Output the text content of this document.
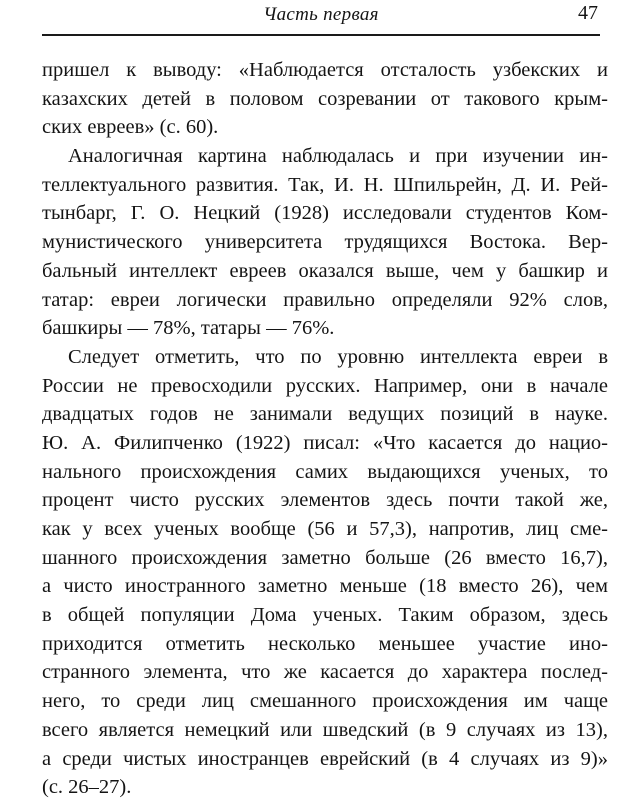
Часть первая	47
пришел к выводу: «Наблюдается отсталость узбекских и
казахских детей в половом созревании от такового крым-
ских евреев» (с. 60).
Аналогичная картина наблюдалась и при изучении ин-
теллектуального развития. Так, И. Н. Шпильрейн, Д. И. Рей-
тынбарг, Г. О. Нецкий (1928) исследовали студентов Ком-
мунистического университета трудящихся Востока. Вер-
бальный интеллект евреев оказался выше, чем у башкир и
татар: евреи логически правильно определяли 92% слов,
башкиры — 78%, татары — 76%.
Следует отметить, что по уровню интеллекта евреи в
России не превосходили русских. Например, они в начале
двадцатых годов не занимали ведущих позиций в науке.
Ю. А. Филипченко (1922) писал: «Что касается до нацио-
нального происхождения самих выдающихся ученых, то
процент чисто русских элементов здесь почти такой же,
как у всех ученых вообще (56 и 57,3), напротив, лиц сме-
шанного происхождения заметно больше (26 вместо 16,7),
а чисто иностранного заметно меньше (18 вместо 26), чем
в общей популяции Дома ученых. Таким образом, здесь
приходится отметить несколько меньшее участие ино-
странного элемента, что же касается до характера послед-
него, то среди лиц смешанного происхождения им чаще
всего является немецкий или шведский (в 9 случаях из 13),
а среди чистых иностранцев еврейский (в 4 случаях из 9)»
(с. 26–27).
